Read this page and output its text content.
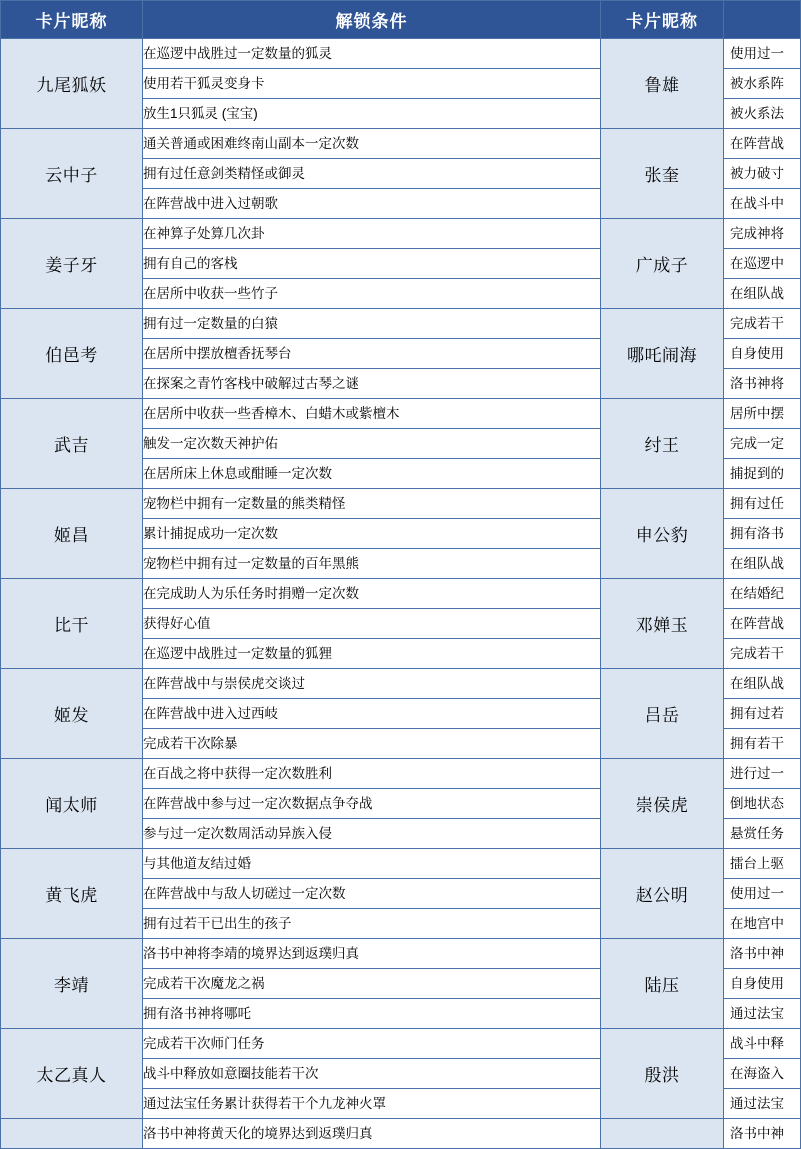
卡片昵称	解锁条件	卡片昵称	
九尾狐妖	在巡逻中战胜过一定数量的狐灵	鲁雄	使用过一
	使用若干狐灵变身卡		被水系阵
	放生1只狐灵 (宝宝)		被火系法
云中子	通关普通或困难终南山副本一定次数	张奎	在阵营战
	拥有过任意剑类精怪或御灵		被力破寸
	在阵营战中进入过朝歌		在战斗中
姜子牙	在神算子处算几次卦	广成子	完成神将
	拥有自己的客栈		在巡逻中
	在居所中收获一些竹子		在组队战
伯邑考	拥有过一定数量的白猿	哪吒闹海	完成若干
	在居所中摆放檀香抚琴台		自身使用
	在探案之青竹客栈中破解过古琴之谜		洛书神将
武吉	在居所中收获一些香樟木、白蜡木或紫檀木	纣王	居所中摆
	触发一定次数天神护佑		完成一定
	在居所床上休息或酣睡一定次数		捕捉到的
姬昌	宠物栏中拥有一定数量的熊类精怪	申公豹	拥有过任
	累计捕捉成功一定次数		拥有洛书
	宠物栏中拥有过一定数量的百年黑熊		在组队战
比干	在完成助人为乐任务时捐赠一定次数	邓婵玉	在结婚纪
	获得好心值		在阵营战
	在巡逻中战胜过一定数量的狐狸		完成若干
姬发	在阵营战中与崇侯虎交谈过	吕岳	在组队战
	在阵营战中进入过西岐		拥有过若
	完成若干次除暴		拥有若干
闻太师	在百战之将中获得一定次数胜利	崇侯虎	进行过一
	在阵营战中参与过一定次数据点争夺战		倒地状态
	参与过一定次数周活动异族入侵		悬赏任务
黄飞虎	与其他道友结过婚	赵公明	擂台上驱
	在阵营战中与敌人切磋过一定次数		使用过一
	拥有过若干已出生的孩子		在地宫中
李靖	洛书中神将李靖的境界达到返璞归真	陆压	洛书中神
	完成若干次魔龙之祸		自身使用
	拥有洛书神将哪吒		通过法宝
太乙真人	完成若干次师门任务	殷洪	战斗中释
	战斗中释放如意圈技能若干次		在海盗入
	通过法宝任务累计获得若干个九龙神火罩		通过法宝
	洛书中神将黄天化的境界达到返璞归真		洛书中神
